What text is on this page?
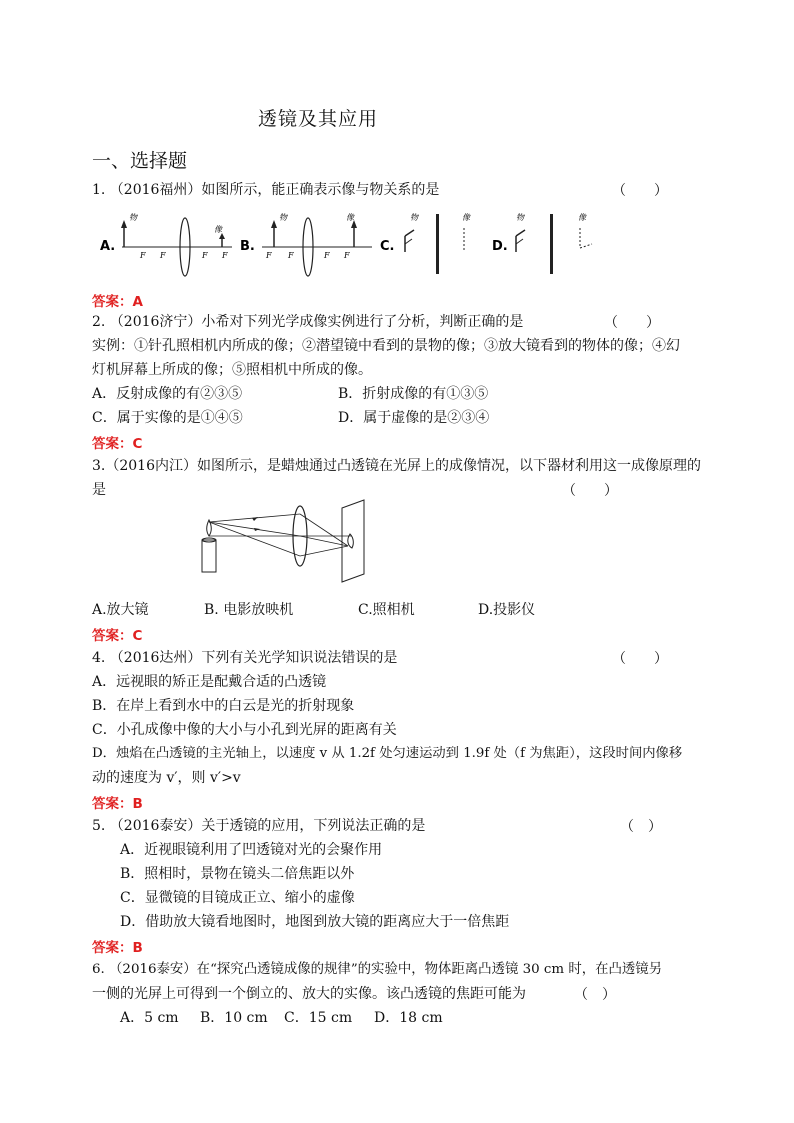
透镜及其应用
一、选择题
1. （2016福州）如图所示，能正确表示像与物关系的是	（　　）
A.
物
像
F F	F F
B.
物	像
F F	F F
C.
物	像
D.
物	像
答案：A
2. （2016济宁）小希对下列光学成像实例进行了分析，判断正确的是	（　　）
实例：①针孔照相机内所成的像；②潜望镜中看到的景物的像；③放大镜看到的物体的像；④幻
灯机屏幕上所成的像；⑤照相机中所成的像。
A．反射成像的有②③⑤	B．折射成像的有①③⑤
C．属于实像的是①④⑤	D．属于虚像的是②③④
答案：C
3.（2016内江）如图所示，是蜡烛通过凸透镜在光屏上的成像情况，以下器材利用这一成像原理的
是	（　　）
A.放大镜	B. 电影放映机	C.照相机	D.投影仪
答案：C
4. （2016达州）下列有关光学知识说法错误的是	（　　）
A．远视眼的矫正是配戴合适的凸透镜
B．在岸上看到水中的白云是光的折射现象
C．小孔成像中像的大小与小孔到光屏的距离有关
D．烛焰在凸透镜的主光轴上，以速度 v 从 1.2f 处匀速运动到 1.9f 处（f 为焦距），这段时间内像移
动的速度为 v′，则 v′>v
答案：B
5. （2016泰安）关于透镜的应用，下列说法正确的是	（　）
A．近视眼镜利用了凹透镜对光的会聚作用
B．照相时，景物在镜头二倍焦距以外
C．显微镜的目镜成正立、缩小的虚像
D．借助放大镜看地图时，地图到放大镜的距离应大于一倍焦距
答案：B
6. （2016泰安）在“探究凸透镜成像的规律”的实验中，物体距离凸透镜 30 cm 时，在凸透镜另
一侧的光屏上可得到一个倒立的、放大的实像。该凸透镜的焦距可能为	（　）
A．5 cm B．10 cm C．15 cm D．18 cm
